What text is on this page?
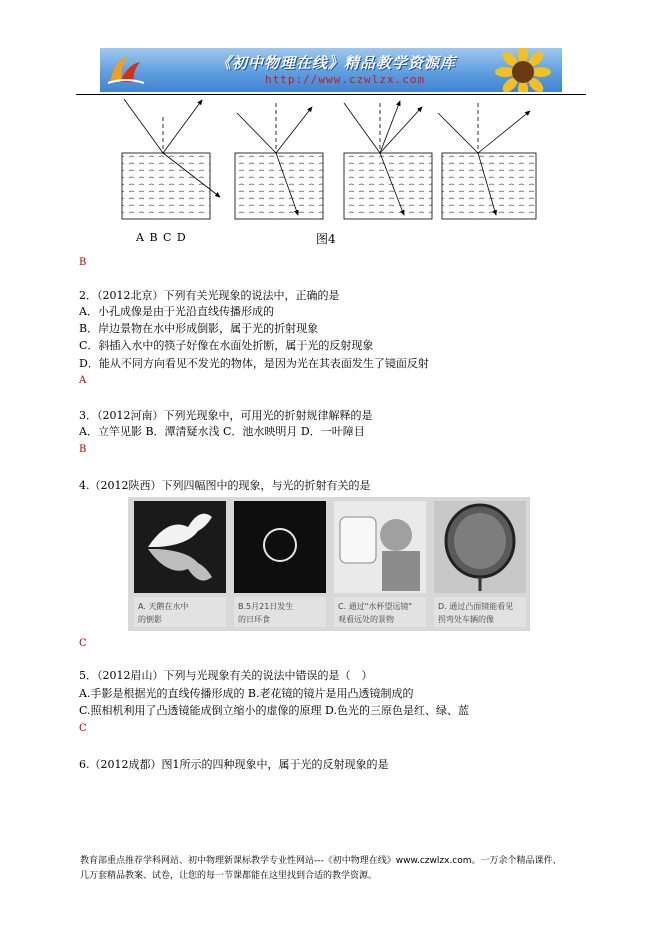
《初中物理在线》精品教学资源库
http://www.czwlzx.com
A B C D	图4
B
2．（2012北京）下列有关光现象的说法中，正确的是
A．小孔成像是由于光沿直线传播形成的
B．岸边景物在水中形成倒影，属于光的折射现象
C．斜插入水中的筷子好像在水面处折断，属于光的反射现象
D．能从不同方向看见不发光的物体，是因为光在其表面发生了镜面反射
A
3．（2012河南）下列光现象中，可用光的折射规律解释的是
A．立竿见影 B．潭清疑水浅 C．池水映明月 D．一叶障目
B
4.（2012陕西）下列四幅图中的现象，与光的折射有关的是
A. 天鹅在水中
的倒影
B.5月21日发生
的日环食
C. 通过"水杯望远镜"
观看远处的景物
D. 通过凸面镜能看见
拐弯处车辆的像
C
5．（2012眉山）下列与光现象有关的说法中错误的是（　）
A.手影是根据光的直线传播形成的 B.老花镜的镜片是用凸透镜制成的
C.照相机利用了凸透镜能成倒立缩小的虚像的原理 D.色光的三原色是红、绿、蓝
C
6.（2012成都）图1所示的四种现象中，属于光的反射现象的是
教育部重点推荐学科网站、初中物理新课标教学专业性网站---《初中物理在线》www.czwlzx.com。一万余个精品课件、
几万套精品教案、试卷，让您的每一节课都能在这里找到合适的教学资源。
